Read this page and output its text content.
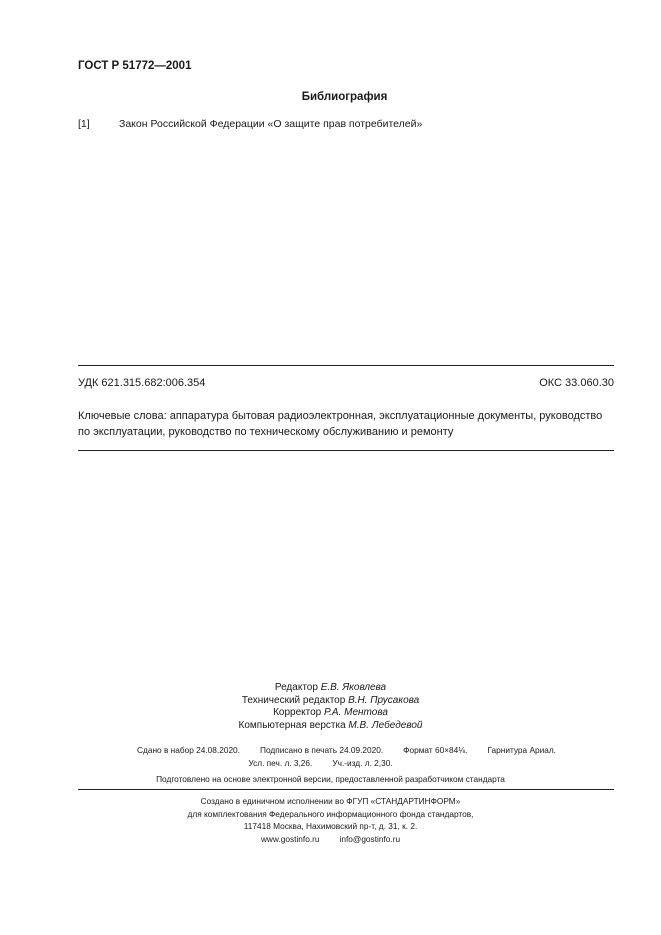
ГОСТ Р 51772—2001
Библиография
[1]	Закон Российской Федерации «О защите прав потребителей»
УДК 621.315.682:006.354	ОКС 33.060.30
Ключевые слова: аппаратура бытовая радиоэлектронная, эксплуатационные документы, руководство по эксплуатации, руководство по техническому обслуживанию и ремонту
Редактор Е.В. Яковлева
Технический редактор В.Н. Прусакова
Корректор Р.А. Ментова
Компьютерная верстка М.В. Лебедевой
Сдано в набор 24.08.2020. Подписано в печать 24.09.2020. Формат 60×84⅛. Гарнитура Ариал.
Усл. печ. л. 3,26. Уч.-изд. л. 2,30.
Подготовлено на основе электронной версии, предоставленной разработчиком стандарта
Создано в единичном исполнении во ФГУП «СТАНДАРТИНФОРМ»
для комплектования Федерального информационного фонда стандартов,
117418 Москва, Нахимовский пр-т, д. 31, к. 2.
www.gostinfo.ru info@gostinfo.ru
